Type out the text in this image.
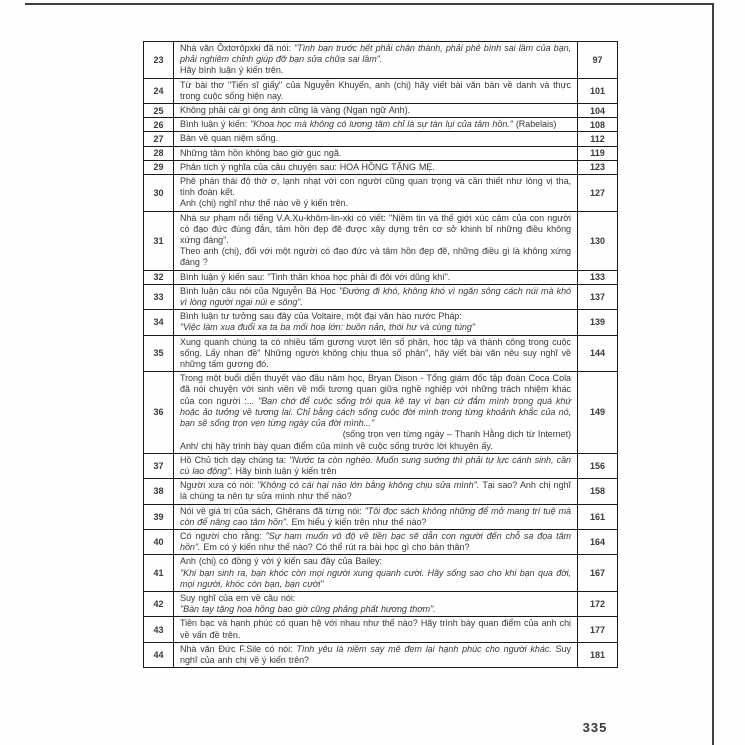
23	Nhà văn Ôxtơrôpxki đã nói: "Tình bạn trước hết phải chân thành, phải phê bình sai lầm của bạn, phải nghiêm chỉnh giúp đỡ bạn sửa chữa sai lầm".
Hãy bình luận ý kiến trên.	97
24	Từ bài thơ "Tiến sĩ giấy" của Nguyễn Khuyến, anh (chị) hãy viết bài văn bàn về danh và thực trong cuộc sống hiện nay.	101
25	Không phải cái gì óng ánh cũng là vàng (Ngạn ngữ Anh).	104
26	Bình luận ý kiến: "Khoa học mà không có lương tâm chỉ là sự tàn lụi của tâm hồn." (Rabelais)	108
27	Bàn về quan niệm sống.	112
28	Những tâm hồn không bao giờ gục ngã.	119
29	Phân tích ý nghĩa của câu chuyện sau: HOA HỒNG TẶNG MẸ.	123
30	Phê phán thái độ thờ ơ, lạnh nhạt với con người cũng quan trọng và cần thiết như lòng vị tha, tình đoàn kết.
Anh (chị) nghĩ như thế nào về ý kiến trên.	127
31	Nhà sư phạm nổi tiếng V.A.Xu-khôm-lin-xki có viết: "Niềm tin và thế giới xúc cảm của con người có đạo đức đúng đắn, tâm hồn đẹp đẽ được xây dựng trên cơ sở khinh bỉ những điều không xứng đáng".
Theo anh (chị), đối với một người có đạo đức và tâm hồn đẹp đẽ, những điều gì là không xứng đáng ?	130
32	Bình luận ý kiến sau: "Tinh thần khoa học phải đi đôi với dũng khí".	133
33	Bình luận câu nói của Nguyễn Bá Học "Đường đi khó, không khó vì ngăn sông cách núi mà khó vì lòng người ngại núi e sông".	137
34	Bình luận tư tưởng sau đây của Voltaire, một đại văn hào nước Pháp:
"Việc làm xua đuổi xa ta ba mối hoạ lớn: buồn nản, thói hư và cùng túng"	139
35	Xung quanh chúng ta có nhiều tấm gương vượt lên số phận, học tập và thành công trong cuộc sống. Lấy nhan đề" Những người không chịu thua số phận", hãy viết bài văn nêu suy nghĩ về những tấm gương đó.	144
36	Trong một buổi diễn thuyết vào đầu năm học, Bryan Dison - Tổng giám đốc tập đoàn Coca Cola đã nói chuyện với sinh viên về mối tương quan giữa nghề nghiệp với những trách nhiệm khác của con người :... "Bạn chớ để cuộc sống trôi qua kẽ tay vì bạn cứ đắm mình trong quá khứ hoặc ảo tưởng về tương lai. Chỉ bằng cách sống cuộc đời mình trong từng khoảnh khắc của nó, bạn sẽ sống trọn vẹn từng ngày của đời mình..."
(sống trọn vẹn từng ngày – Thanh Hằng dịch từ Internet)
Anh/ chị hãy trình bày quan điểm của mình về cuộc sống trước lời khuyên ấy.	149
37	Hồ Chủ tịch dạy chúng ta: "Nước ta còn nghèo. Muốn sung sướng thì phải tự lực cánh sinh, cần cù lao động". Hãy bình luận ý kiến trên	156
38	Người xưa có nói: "Không có cái hại nào lớn bằng không chịu sửa mình". Tại sao? Anh chị nghĩ là chúng ta nên tự sửa mình như thế nào?	158
39	Nói về giá trị của sách, Ghêrans đã từng nói: "Tôi đọc sách không những để mở mang trí tuệ mà còn để nâng cao tâm hồn". Em hiểu ý kiến trên như thế nào?	161
40	Có người cho rằng: "Sự ham muốn vô độ về tiền bạc sẽ dẫn con người đến chỗ sa đọa tâm hồn". Em có ý kiến như thế nào? Có thể rút ra bài học gì cho bản thân?	164
41	Anh (chị) có đồng ý với ý kiến sau đây của Bailey:
"Khi bạn sinh ra, bạn khóc còn mọi người xung quanh cười. Hãy sống sao cho khi bạn qua đời, mọi người, khóc còn bạn, bạn cười"	167
42	Suy nghĩ của em về câu nói:
"Bàn tay tặng hoa hồng bao giờ cũng phảng phất hương thơm".	172
43	Tiền bạc và hạnh phúc có quan hệ với nhau như thế nào? Hãy trình bày quan điểm của anh chị về vấn đề trên.	177
44	Nhà văn Đức F.Sile có nói: Tình yêu là niềm say mê đem lại hạnh phúc cho người khác. Suy nghĩ của anh chị về ý kiến trên?	181
335
